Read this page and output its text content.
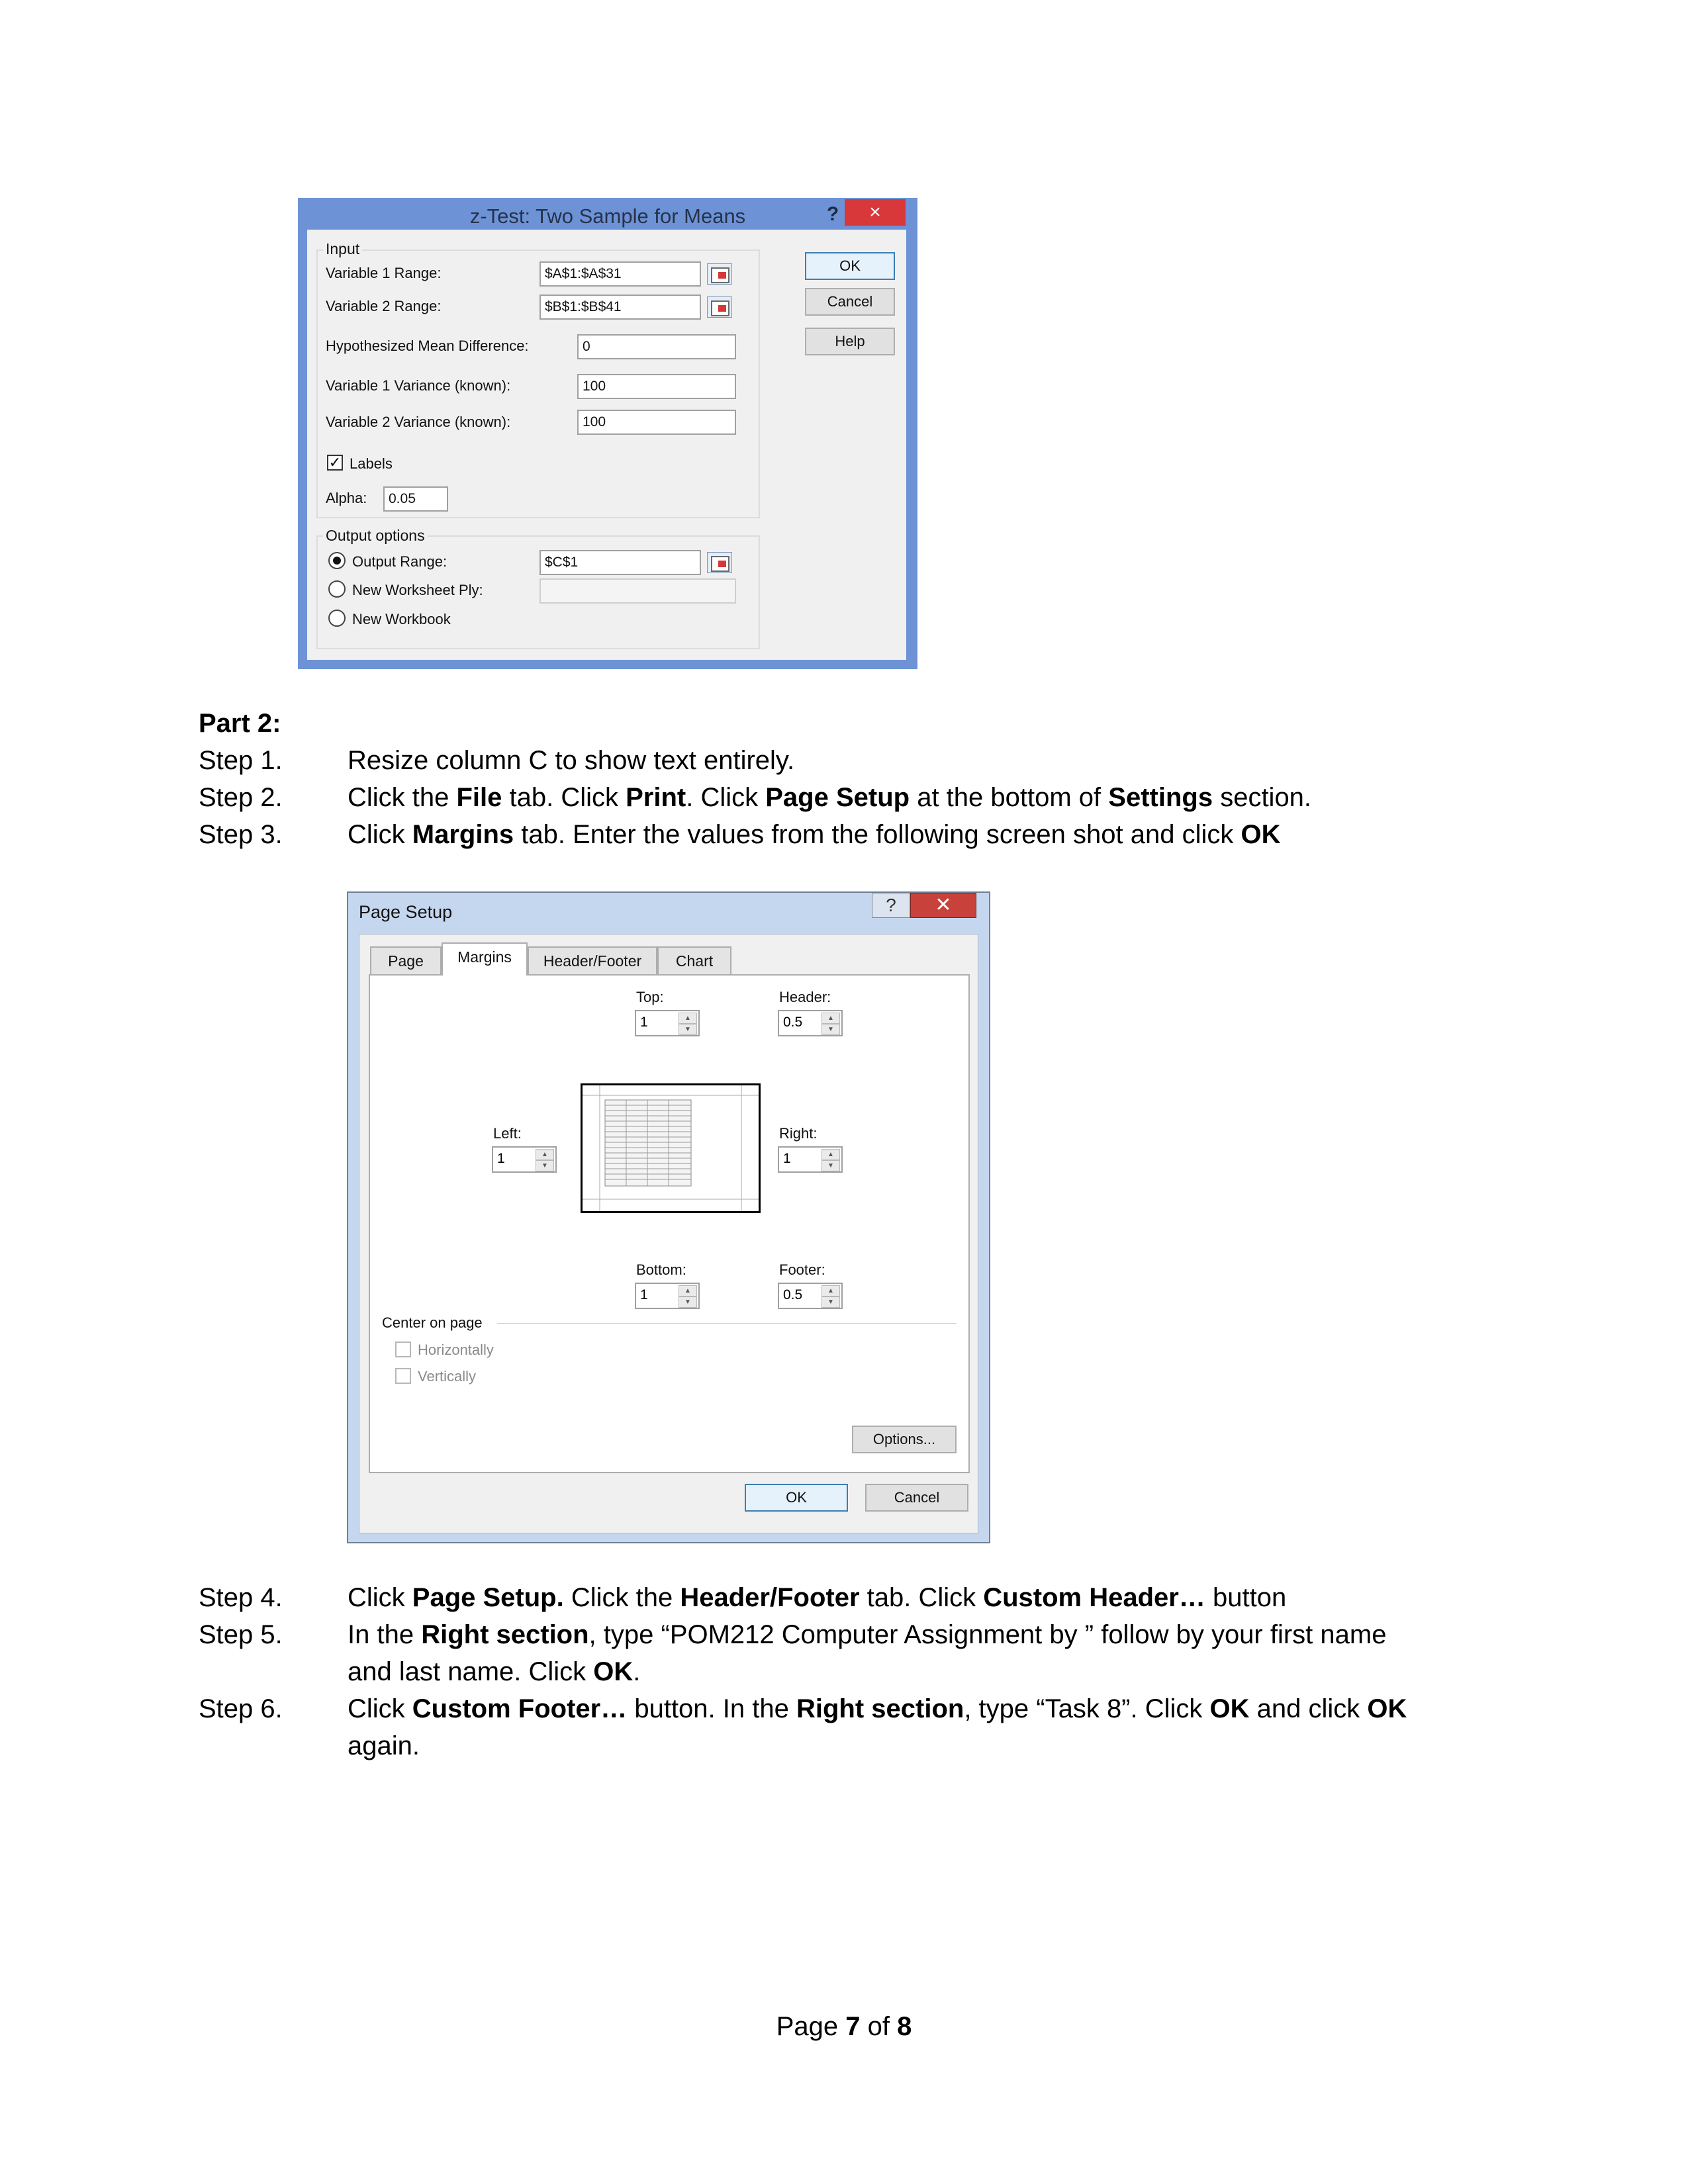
z-Test: Two Sample for Means	?	×
Input
Variable 1 Range:	$A$1:$A$31
Variable 2 Range:	$B$1:$B$41
Hypothesized Mean Difference:	0
Variable 1 Variance (known):	100
Variable 2 Variance (known):	100
✓ Labels
Alpha:	0.05
Output options
Output Range:	$C$1
New Worksheet Ply:
New Workbook
OK
Cancel
Help
Part 2:
Step 1. Resize column C to show text entirely.
Step 2. Click the File tab. Click Print. Click Page Setup at the bottom of Settings section.
Step 3. Click Margins tab. Enter the values from the following screen shot and click OK
Page Setup	?	✕
Page	Margins	Header/Footer	Chart
Top:
1	▲
▼
Header:
0.5	▲
▼
Left:
1	▲
▼
Right:
1	▲
▼
Bottom:
1	▲
▼
Footer:
0.5	▲
▼
Center on page
Horizontally
Vertically
Options...
OK	Cancel
Step 4. Click Page Setup. Click the Header/Footer tab. Click Custom Header… button
Step 5. In the Right section, type “POM212 Computer Assignment by ” follow by your first name
and last name. Click OK.
Step 6. Click Custom Footer… button. In the Right section, type “Task 8”. Click OK and click OK
again.
Page 7 of 8
